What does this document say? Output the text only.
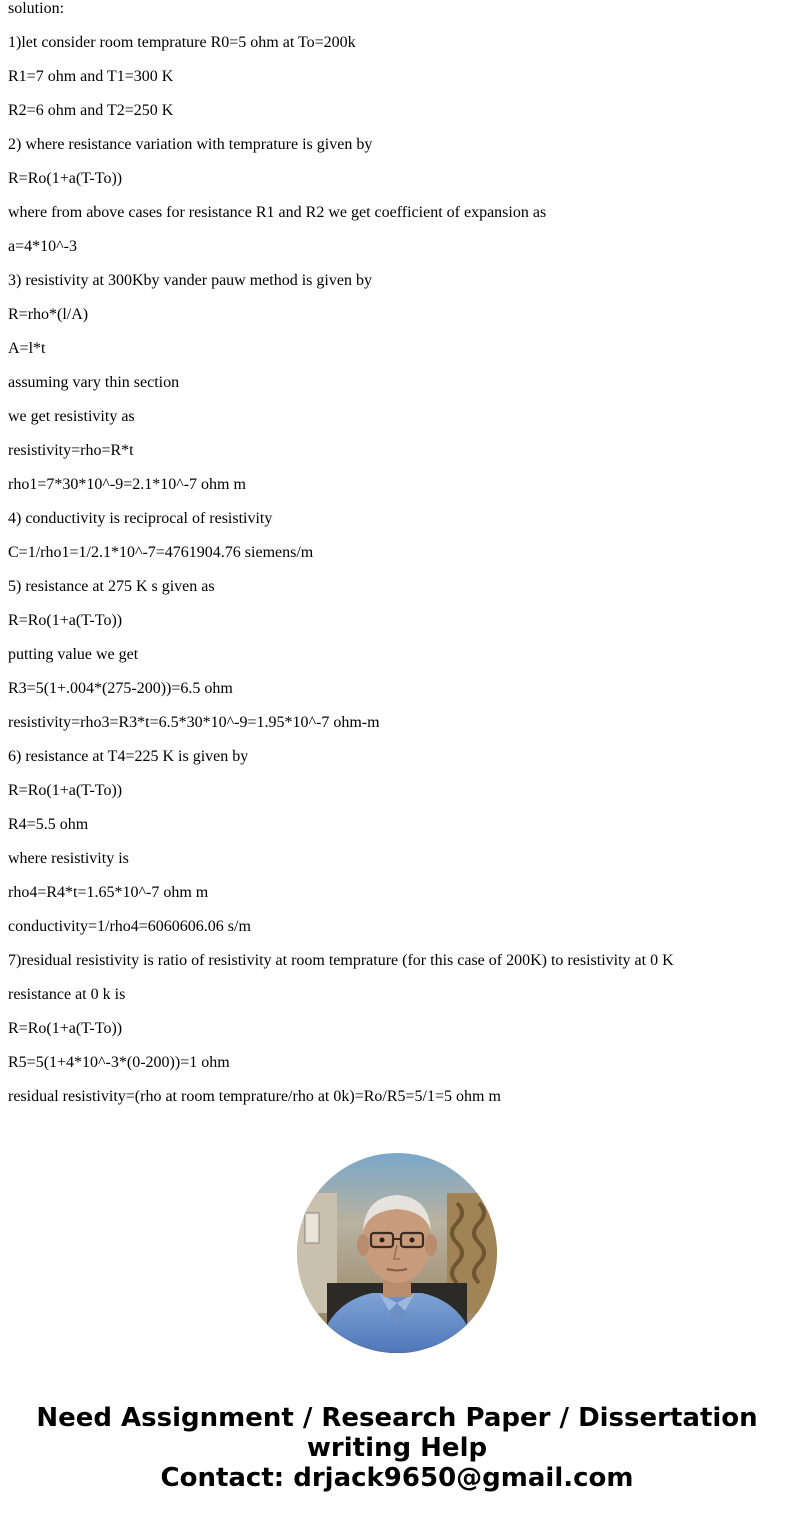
solution:

1)let consider room temprature R0=5 ohm at To=200k

R1=7 ohm and T1=300 K

R2=6 ohm and T2=250 K

2) where resistance variation with temprature is given by

R=Ro(1+a(T-To))

where from above cases for resistance R1 and R2 we get coefficient of expansion as

a=4*10^-3

3) resistivity at 300Kby vander pauw method is given by

R=rho*(l/A)

A=l*t

assuming vary thin section

we get resistivity as

resistivity=rho=R*t

rho1=7*30*10^-9=2.1*10^-7 ohm m

4) conductivity is reciprocal of resistivity

C=1/rho1=1/2.1*10^-7=4761904.76 siemens/m

5) resistance at 275 K s given as

R=Ro(1+a(T-To))

putting value we get

R3=5(1+.004*(275-200))=6.5 ohm

resistivity=rho3=R3*t=6.5*30*10^-9=1.95*10^-7 ohm-m

6) resistance at T4=225 K is given by

R=Ro(1+a(T-To))

R4=5.5 ohm

where resistivity is

rho4=R4*t=1.65*10^-7 ohm m

conductivity=1/rho4=6060606.06 s/m

7)residual resistivity is ratio of resistivity at room temprature (for this case of 200K) to resistivity at 0 K

resistance at 0 k is

R=Ro(1+a(T-To))

R5=5(1+4*10^-3*(0-200))=1 ohm

residual resistivity=(rho at room temprature/rho at 0k)=Ro/R5=5/1=5 ohm m

Need Assignment / Research Paper / Dissertation
writing Help
Contact: drjack9650@gmail.com
